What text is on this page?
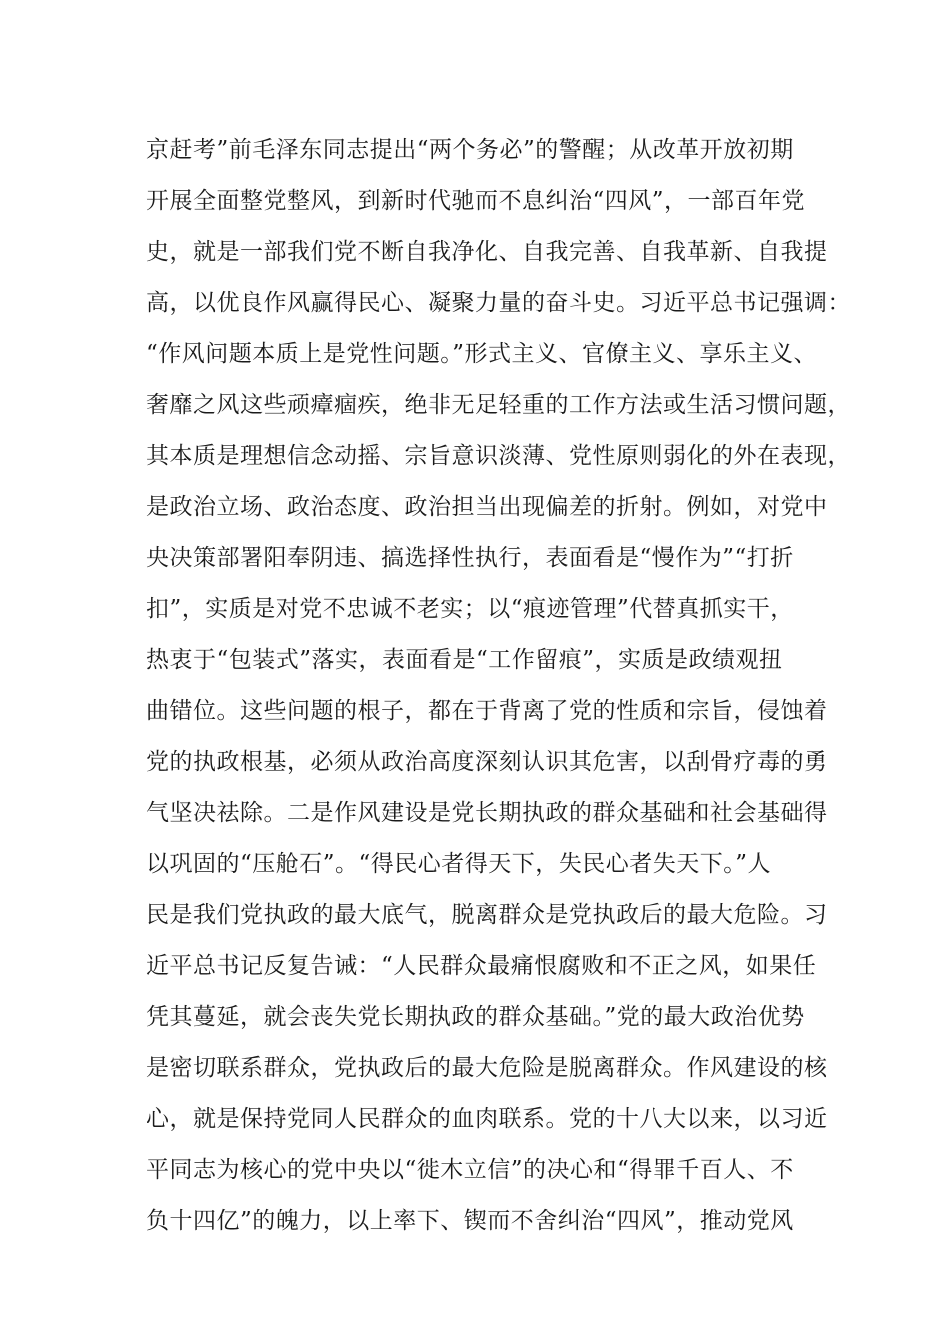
京赶考”前毛泽东同志提出“两个务必”的警醒；从改革开放初期
开展全面整党整风，到新时代驰而不息纠治“四风”，一部百年党
史，就是一部我们党不断自我净化、自我完善、自我革新、自我提
高，以优良作风赢得民心、凝聚力量的奋斗史。习近平总书记强调：
“作风问题本质上是党性问题。”形式主义、官僚主义、享乐主义、
奢靡之风这些顽瘴痼疾，绝非无足轻重的工作方法或生活习惯问题，
其本质是理想信念动摇、宗旨意识淡薄、党性原则弱化的外在表现，
是政治立场、政治态度、政治担当出现偏差的折射。例如，对党中
央决策部署阳奉阴违、搞选择性执行，表面看是“慢作为”“打折
扣”，实质是对党不忠诚不老实；以“痕迹管理”代替真抓实干，
热衷于“包装式”落实，表面看是“工作留痕”，实质是政绩观扭
曲错位。这些问题的根子，都在于背离了党的性质和宗旨，侵蚀着
党的执政根基，必须从政治高度深刻认识其危害，以刮骨疗毒的勇
气坚决祛除。二是作风建设是党长期执政的群众基础和社会基础得
以巩固的“压舱石”。“得民心者得天下，失民心者失天下。”人
民是我们党执政的最大底气，脱离群众是党执政后的最大危险。习
近平总书记反复告诫：“人民群众最痛恨腐败和不正之风，如果任
凭其蔓延，就会丧失党长期执政的群众基础。”党的最大政治优势
是密切联系群众，党执政后的最大危险是脱离群众。作风建设的核
心，就是保持党同人民群众的血肉联系。党的十八大以来，以习近
平同志为核心的党中央以“徙木立信”的决心和“得罪千百人、不
负十四亿”的魄力，以上率下、锲而不舍纠治“四风”，推动党风
